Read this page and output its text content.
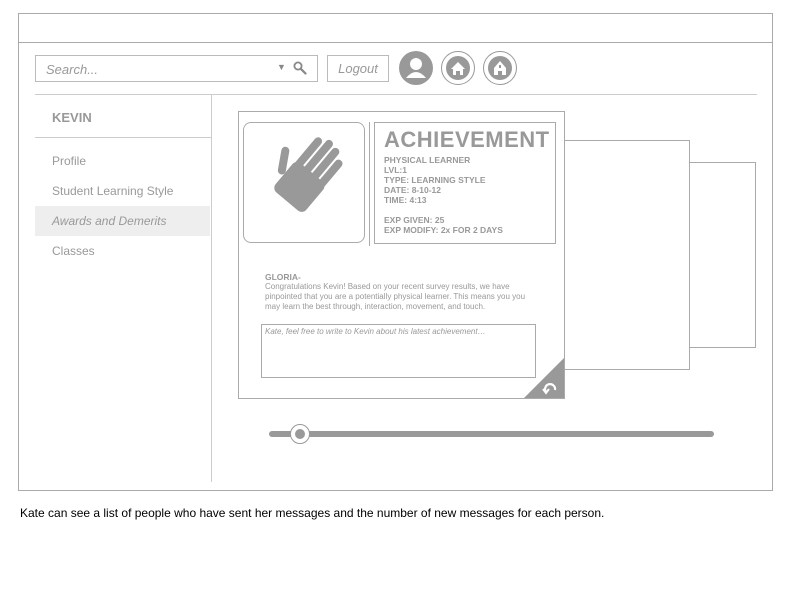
Search...
▼	Logout
KEVIN
Profile
Student Learning Style
Awards and Demerits
Classes
ACHIEVEMENT
PHYSICAL LEARNER
LVL:1
TYPE: LEARNING STYLE
DATE: 8-10-12
TIME: 4:13
EXP GIVEN: 25
EXP MODIFY: 2x FOR 2 DAYS
GLORIA-
Congratulations Kevin! Based on your recent survey results, we have pinpointed that you are a potentially physical learner. This means you you may learn the best through, interaction, movement, and touch.
Kate, feel free to write to Kevin about his latest achievement…
Kate can see a list of people who have sent her messages and the number of new messages for each person.
